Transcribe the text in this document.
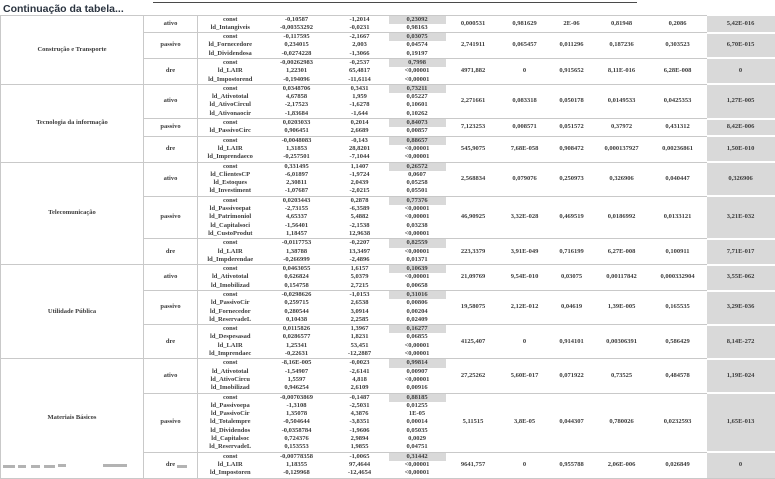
Continuação da tabela...
Construção e Transporte	ativo	const	-0,10587	-1,2014	0,23092	0,000531	0,981629	2E-06	0,81948	0,2086	5,42E-016
		ld_Intangiveis	-0,00353292	-0,0231	0,98163						
	passivo	const	-0,117595	-2,1667	0,03075	2,741911	0,065457	0,011296	0,187236	0,303523	6,70E-015
		ld_Fornecedore	0,234015	2,003	0,04574						
		ld_Dividendosa	-0,0274228	-1,3066	0,19197						
	dre	const	-0,00262983	-0,2537	0,7998	4971,882	0	0,915652	8,11E-016	6,28E-008	0
		ld_LAIR	1,22301	65,4817	<0,00001						
		ld_Impostorend	-0,194096	-11,6114	<0,00001						
Tecnologia da informação	ativo	const	0,0348706	0,3431	0,73211	2,271661	0,083318	0,050178	0,0149533	0,0425353	1,27E-005
		ld_Ativototal	4,67858	1,959	0,05227						
		ld_AtivoCircul	-2,17523	-1,6278	0,10601						
		ld_Ativonaocir	-1,83684	-1,644	0,10262						
	passivo	const	0,0203033	0,2014	0,84073	7,123253	0,008571	0,051572	0,37972	0,431312	8,42E-006
		ld_PassivoCirc	0,906451	2,6689	0,00857						
	dre	const	-0,0048083	-0,143	0,88657	545,9075	7,68E-058	0,908472	0,000137927	0,00236861	1,50E-010
		ld_LAIR	1,31853	28,8201	<0,00001						
		ld_Imprendaeco	-0,257501	-7,1044	<0,00001						
Telecomunicação	ativo	const	0,331495	1,1407	0,26572	2,568834	0,079076	0,250973	0,326906	0,040447	0,326906
		ld_ClientesCP	-6,01897	-1,9724	0,0607						
		ld_Estoques	2,30811	2,0439	0,05258						
		ld_Investiment	-1,07687	-2,0215	0,05501						
	passivo	const	0,0203443	0,2878	0,77376	46,90925	3,32E-028	0,469519	0,0186992	0,0133121	3,21E-032
		ld_Passivoepat	-2,73155	-6,3589	<0,00001						
		ld_Patrimoniol	4,65337	5,4882	<0,00001						
		ld_Capitalsoci	-1,56401	-2,1538	0,03238						
		ld_CustoProdut	1,18457	12,9638	<0,00001						
	dre	const	-0,0117753	-0,2207	0,82559	223,3379	3,91E-049	0,716199	6,27E-008	0,100911	7,71E-017
		ld_LAIR	1,38788	13,3497	<0,00001						
		ld_Impderendae	-0,266999	-2,4896	0,01371						
Utilidade Pública	ativo	const	0,0463055	1,6157	0,10639	21,09769	9,54E-010	0,03075	0,00117842	0,000332904	3,55E-062
		ld_Ativototal	0,626824	5,0379	<0,00001						
		ld_Imobilizad	0,154758	2,7215	0,00658						
	passivo	const	-0,0298626	-1,0153	0,31016	19,58075	2,12E-012	0,04619	1,39E-005	0,165535	3,29E-036
		ld_PassivoCir	0,259715	2,6538	0,00806						
		ld_Fornecedor	0,280544	3,0914	0,00204						
		ld_ReservadeL	0,10438	2,2585	0,02409						
	dre	const	0,0115826	1,3967	0,16277	4125,407	0	0,914101	0,00306391	0,586429	8,14E-272
		ld_Despesasad	0,0286577	1,8231	0,06855						
		ld_LAIR	1,25341	53,451	<0,00001						
		ld_Imprendaec	-0,22631	-12,2887	<0,00001						
Materiais Básicos	ativo	const	-8,16E-005	-0,0023	0,99814	27,25262	5,60E-017	0,071922	0,73525	0,484578	1,19E-024
		ld_Ativototal	-1,54907	-2,6141	0,00907						
		ld_AtivoCircu	1,5597	4,818	<0,00001						
		ld_Imobilizad	0,946254	2,6109	0,00916						
	passivo	const	-0,00703869	-0,1487	0,88185	5,11515	3,8E-05	0,044307	0,780026	0,0232593	1,65E-013
		ld_Passivoepa	-1,3108	-2,5031	0,01255						
		ld_PassivoCir	1,35078	4,3876	1E-05						
		ld_Totalempre	-0,504644	-3,8351	0,00014						
		ld_Dividendos	-0,0358784	-1,9606	0,05035						
		ld_Capitalsoc	0,724376	2,9894	0,0029						
		ld_ReservadeL	0,153553	1,9855	0,04751						
	dre	const	-0,00778358	-1,0065	0,31442	9641,757	0	0,955788	2,06E-006	0,026849	0
		ld_LAIR	1,18355	97,4644	<0,00001						
		ld_Impostoren	-0,129968	-12,4654	<0,00001						
